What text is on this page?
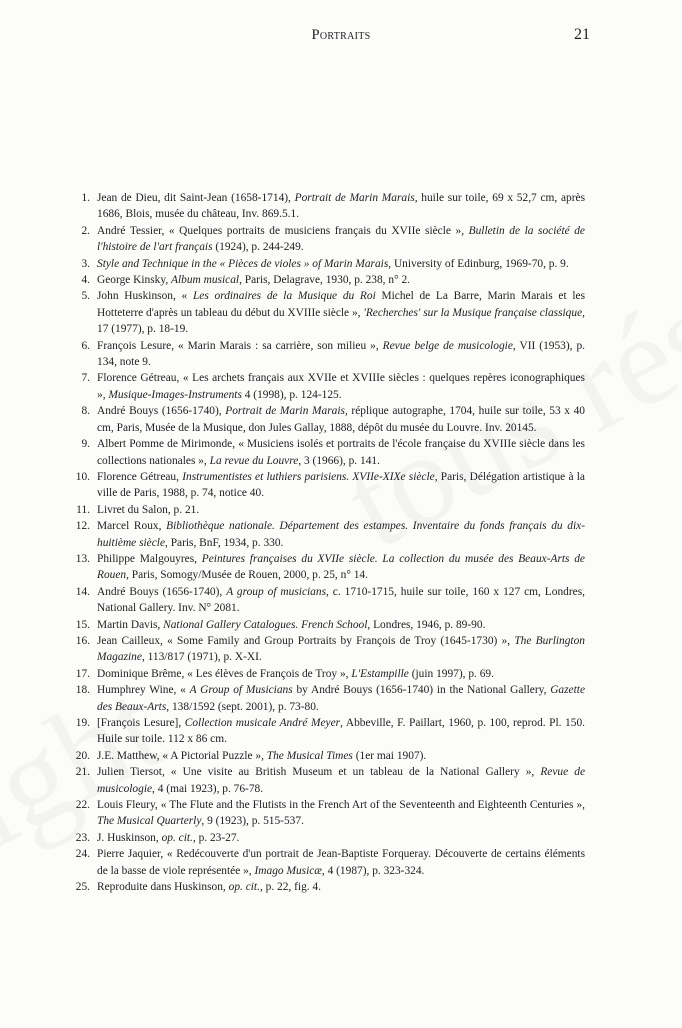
Portraits	21
1. Jean de Dieu, dit Saint-Jean (1658-1714), Portrait de Marin Marais, huile sur toile, 69 x 52,7 cm, après 1686, Blois, musée du château, Inv. 869.5.1.
2. André Tessier, « Quelques portraits de musiciens français du XVIIe siècle », Bulletin de la société de l'histoire de l'art français (1924), p. 244-249.
3. Style and Technique in the « Pièces de violes » of Marin Marais, University of Edinburg, 1969-70, p. 9.
4. George Kinsky, Album musical, Paris, Delagrave, 1930, p. 238, n° 2.
5. John Huskinson, « Les ordinaires de la Musique du Roi Michel de La Barre, Marin Marais et les Hotteterre d'après un tableau du début du XVIIIe siècle », 'Recherches' sur la Musique française classique, 17 (1977), p. 18-19.
6. François Lesure, « Marin Marais : sa carrière, son milieu », Revue belge de musicologie, VII (1953), p. 134, note 9.
7. Florence Gétreau, « Les archets français aux XVIIe et XVIIIe siècles : quelques repères iconographiques », Musique-Images-Instruments 4 (1998), p. 124-125.
8. André Bouys (1656-1740), Portrait de Marin Marais, réplique autographe, 1704, huile sur toile, 53 x 40 cm, Paris, Musée de la Musique, don Jules Gallay, 1888, dépôt du musée du Louvre. Inv. 20145.
9. Albert Pomme de Mirimonde, « Musiciens isolés et portraits de l'école française du XVIIIe siècle dans les collections nationales », La revue du Louvre, 3 (1966), p. 141.
10. Florence Gétreau, Instrumentistes et luthiers parisiens. XVIIe-XIXe siècle, Paris, Délégation artistique à la ville de Paris, 1988, p. 74, notice 40.
11. Livret du Salon, p. 21.
12. Marcel Roux, Bibliothèque nationale. Département des estampes. Inventaire du fonds français du dix-huitième siècle, Paris, BnF, 1934, p. 330.
13. Philippe Malgouyres, Peintures françaises du XVIIe siècle. La collection du musée des Beaux-Arts de Rouen, Paris, Somogy/Musée de Rouen, 2000, p. 25, n° 14.
14. André Bouys (1656-1740), A group of musicians, c. 1710-1715, huile sur toile, 160 x 127 cm, Londres, National Gallery. Inv. N° 2081.
15. Martin Davis, National Gallery Catalogues. French School, Londres, 1946, p. 89-90.
16. Jean Cailleux, « Some Family and Group Portraits by François de Troy (1645-1730) », The Burlington Magazine, 113/817 (1971), p. X-XI.
17. Dominique Brême, « Les élèves de François de Troy », L'Estampille (juin 1997), p. 69.
18. Humphrey Wine, « A Group of Musicians by André Bouys (1656-1740) in the National Gallery, Gazette des Beaux-Arts, 138/1592 (sept. 2001), p. 73-80.
19. [François Lesure], Collection musicale André Meyer, Abbeville, F. Paillart, 1960, p. 100, reprod. Pl. 150. Huile sur toile. 112 x 86 cm.
20. J.E. Matthew, « A Pictorial Puzzle », The Musical Times (1er mai 1907).
21. Julien Tiersot, « Une visite au British Museum et un tableau de la National Gallery », Revue de musicologie, 4 (mai 1923), p. 76-78.
22. Louis Fleury, « The Flute and the Flutists in the French Art of the Seventeenth and Eighteenth Centuries », The Musical Quarterly, 9 (1923), p. 515-537.
23. J. Huskinson, op. cit., p. 23-27.
24. Pierre Jaquier, « Redécouverte d'un portrait de Jean-Baptiste Forqueray. Découverte de certains éléments de la basse de viole représentée », Imago Musicæ, 4 (1987), p. 323-324.
25. Reproduite dans Huskinson, op. cit., p. 22, fig. 4.
